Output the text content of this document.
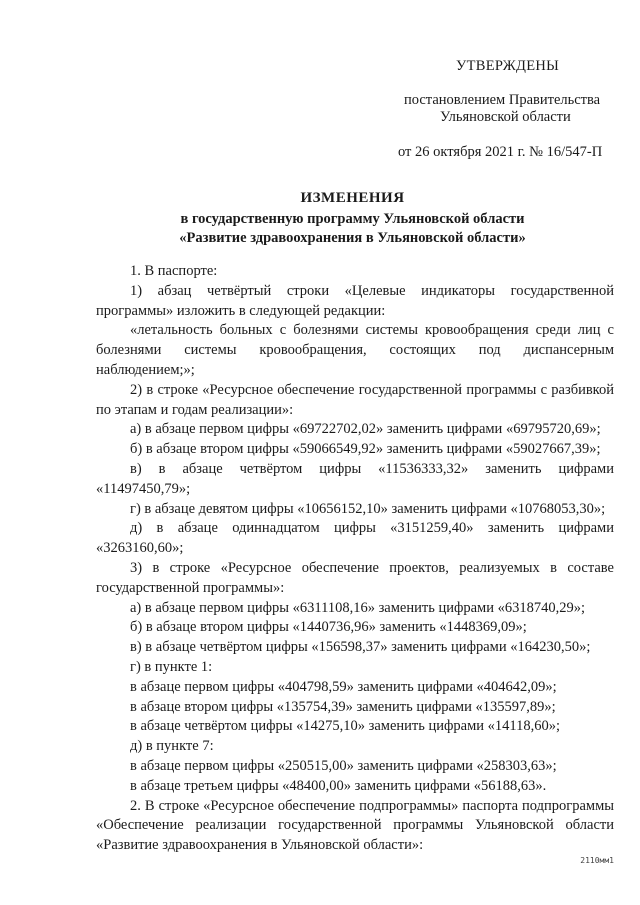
УТВЕРЖДЕНЫ
постановлением Правительства
Ульяновской области
от 26 октября 2021 г. № 16/547-П
ИЗМЕНЕНИЯ
в государственную программу Ульяновской области
«Развитие здравоохранения в Ульяновской области»

1. В паспорте:

1) абзац четвёртый строки «Целевые индикаторы государственной программы» изложить в следующей редакции:

«летальность больных с болезнями системы кровообращения среди лиц с болезнями системы кровообращения, состоящих под диспансерным наблюдением;»;

2) в строке «Ресурсное обеспечение государственной программы с разбивкой по этапам и годам реализации»:

а) в абзаце первом цифры «69722702,02» заменить цифрами «69795720,69»;

б) в абзаце втором цифры «59066549,92» заменить цифрами «59027667,39»;

в) в абзаце четвёртом цифры «11536333,32» заменить цифрами «11497450,79»;

г) в абзаце девятом цифры «10656152,10» заменить цифрами «10768053,30»;

д) в абзаце одиннадцатом цифры «3151259,40» заменить цифрами «3263160,60»;

3) в строке «Ресурсное обеспечение проектов, реализуемых в составе государственной программы»:

а) в абзаце первом цифры «6311108,16» заменить цифрами «6318740,29»;

б) в абзаце втором цифры «1440736,96» заменить «1448369,09»;

в) в абзаце четвёртом цифры «156598,37» заменить цифрами «164230,50»;

г) в пункте 1:

в абзаце первом цифры «404798,59» заменить цифрами «404642,09»;

в абзаце втором цифры «135754,39» заменить цифрами «135597,89»;

в абзаце четвёртом цифры «14275,10» заменить цифрами «14118,60»;

д) в пункте 7:

в абзаце первом цифры «250515,00» заменить цифрами «258303,63»;

в абзаце третьем цифры «48400,00» заменить цифрами «56188,63».

2. В строке «Ресурсное обеспечение подпрограммы» паспорта подпрограммы «Обеспечение реализации государственной программы Ульяновской области «Развитие здравоохранения в Ульяновской области»:

2110мм1
